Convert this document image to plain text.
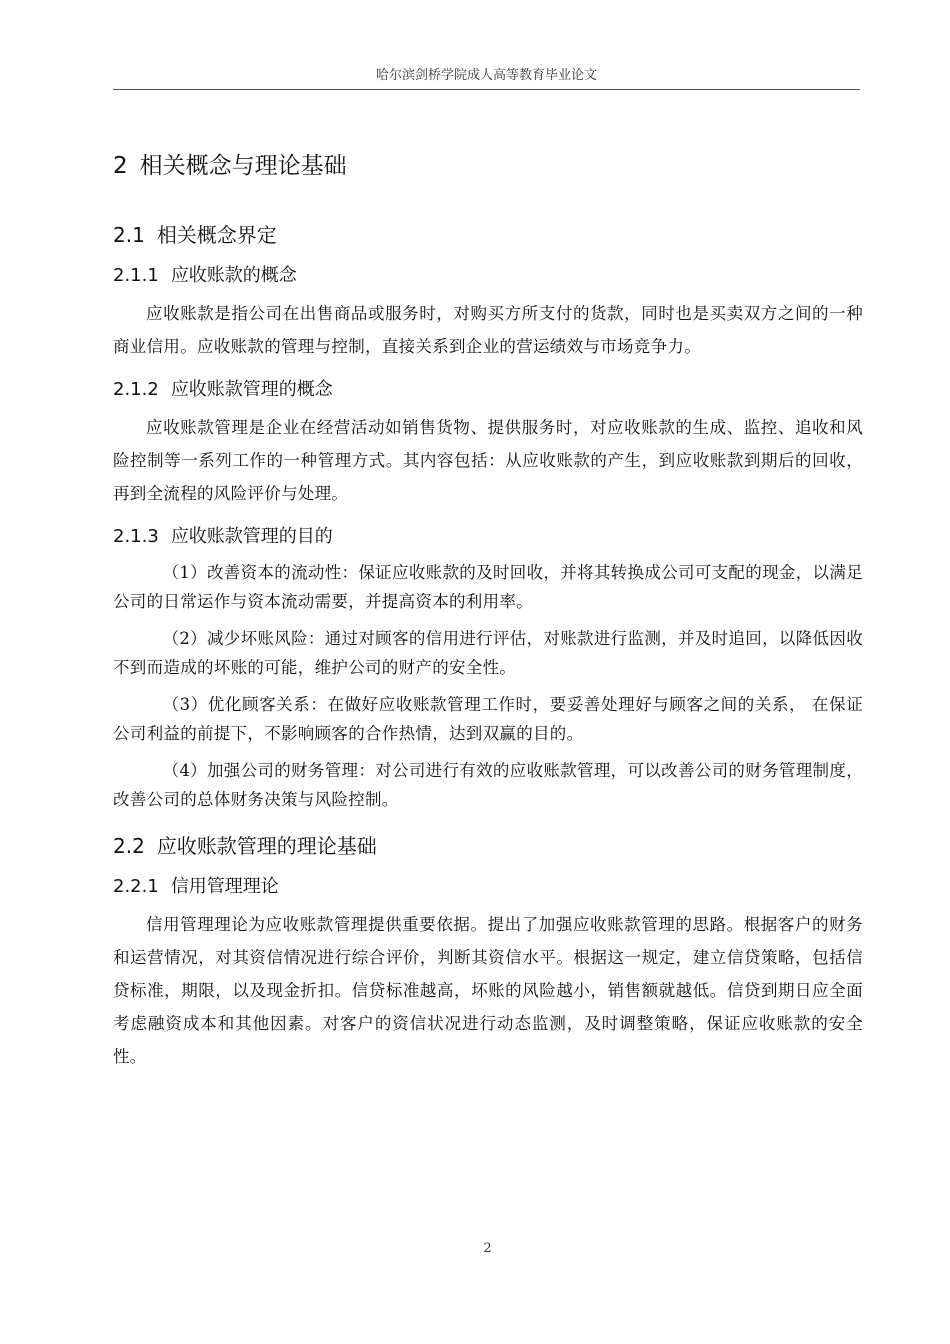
哈尔滨剑桥学院成人高等教育毕业论文
2 相关概念与理论基础
2.1 相关概念界定
2.1.1 应收账款的概念

应收账款是指公司在出售商品或服务时，对购买方所支付的货款，同时也是买卖双方之间的一种商业信用。应收账款的管理与控制，直接关系到企业的营运绩效与市场竞争力。

2.1.2 应收账款管理的概念

应收账款管理是企业在经营活动如销售货物、提供服务时，对应收账款的生成、监控、追收和风险控制等一系列工作的一种管理方式。其内容包括：从应收账款的产生，到应收账款到期后的回收，再到全流程的风险评价与处理。

2.1.3 应收账款管理的目的

（1）改善资本的流动性：保证应收账款的及时回收，并将其转换成公司可支配的现金，以满足公司的日常运作与资本流动需要，并提高资本的利用率。

（2）减少坏账风险：通过对顾客的信用进行评估，对账款进行监测，并及时追回，以降低因收不到而造成的坏账的可能，维护公司的财产的安全性。

（3）优化顾客关系：在做好应收账款管理工作时，要妥善处理好与顾客之间的关系， 在保证公司利益的前提下，不影响顾客的合作热情，达到双赢的目的。

（4）加强公司的财务管理：对公司进行有效的应收账款管理，可以改善公司的财务管理制度，改善公司的总体财务决策与风险控制。

2.2 应收账款管理的理论基础
2.2.1 信用管理理论

信用管理理论为应收账款管理提供重要依据。提出了加强应收账款管理的思路。根据客户的财务和运营情况，对其资信情况进行综合评价，判断其资信水平。根据这一规定，建立信贷策略，包括信贷标准，期限，以及现金折扣。信贷标准越高，坏账的风险越小，销售额就越低。信贷到期日应全面考虑融资成本和其他因素。对客户的资信状况进行动态监测，及时调整策略，保证应收账款的安全性。

2
